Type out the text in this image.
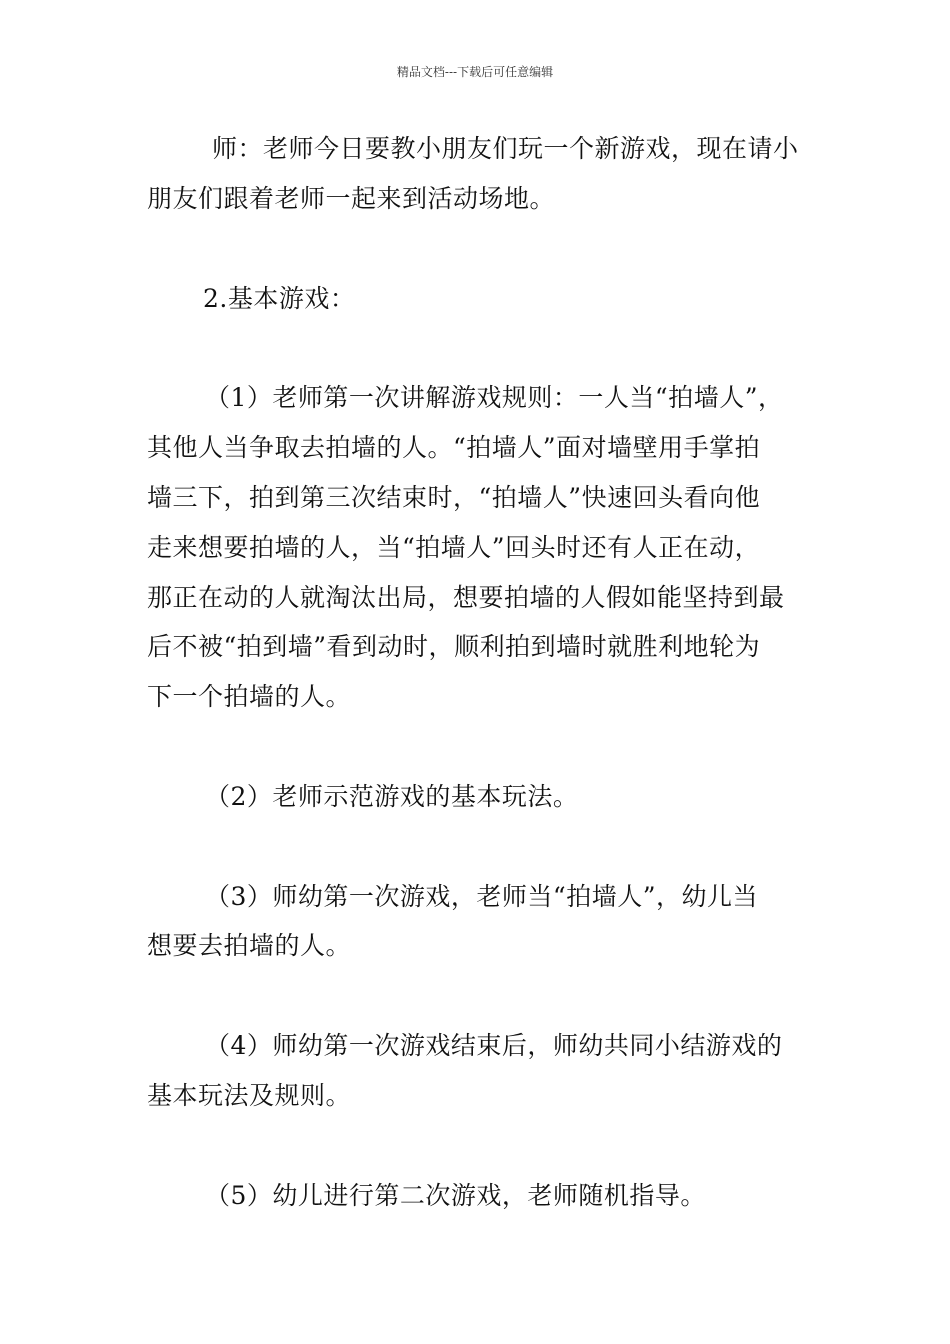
精品文档---下载后可任意编辑
师：老师今日要教小朋友们玩一个新游戏，现在请小
朋友们跟着老师一起来到活动场地。
2.基本游戏：
（1）老师第一次讲解游戏规则：一人当“拍墙人”，
其他人当争取去拍墙的人。“拍墙人”面对墙壁用手掌拍
墙三下，拍到第三次结束时，“拍墙人”快速回头看向他
走来想要拍墙的人，当“拍墙人”回头时还有人正在动，
那正在动的人就淘汰出局，想要拍墙的人假如能坚持到最
后不被“拍到墙”看到动时，顺利拍到墙时就胜利地轮为
下一个拍墙的人。
（2）老师示范游戏的基本玩法。
（3）师幼第一次游戏，老师当“拍墙人”，幼儿当
想要去拍墙的人。
（4）师幼第一次游戏结束后，师幼共同小结游戏的
基本玩法及规则。
（5）幼儿进行第二次游戏，老师随机指导。
